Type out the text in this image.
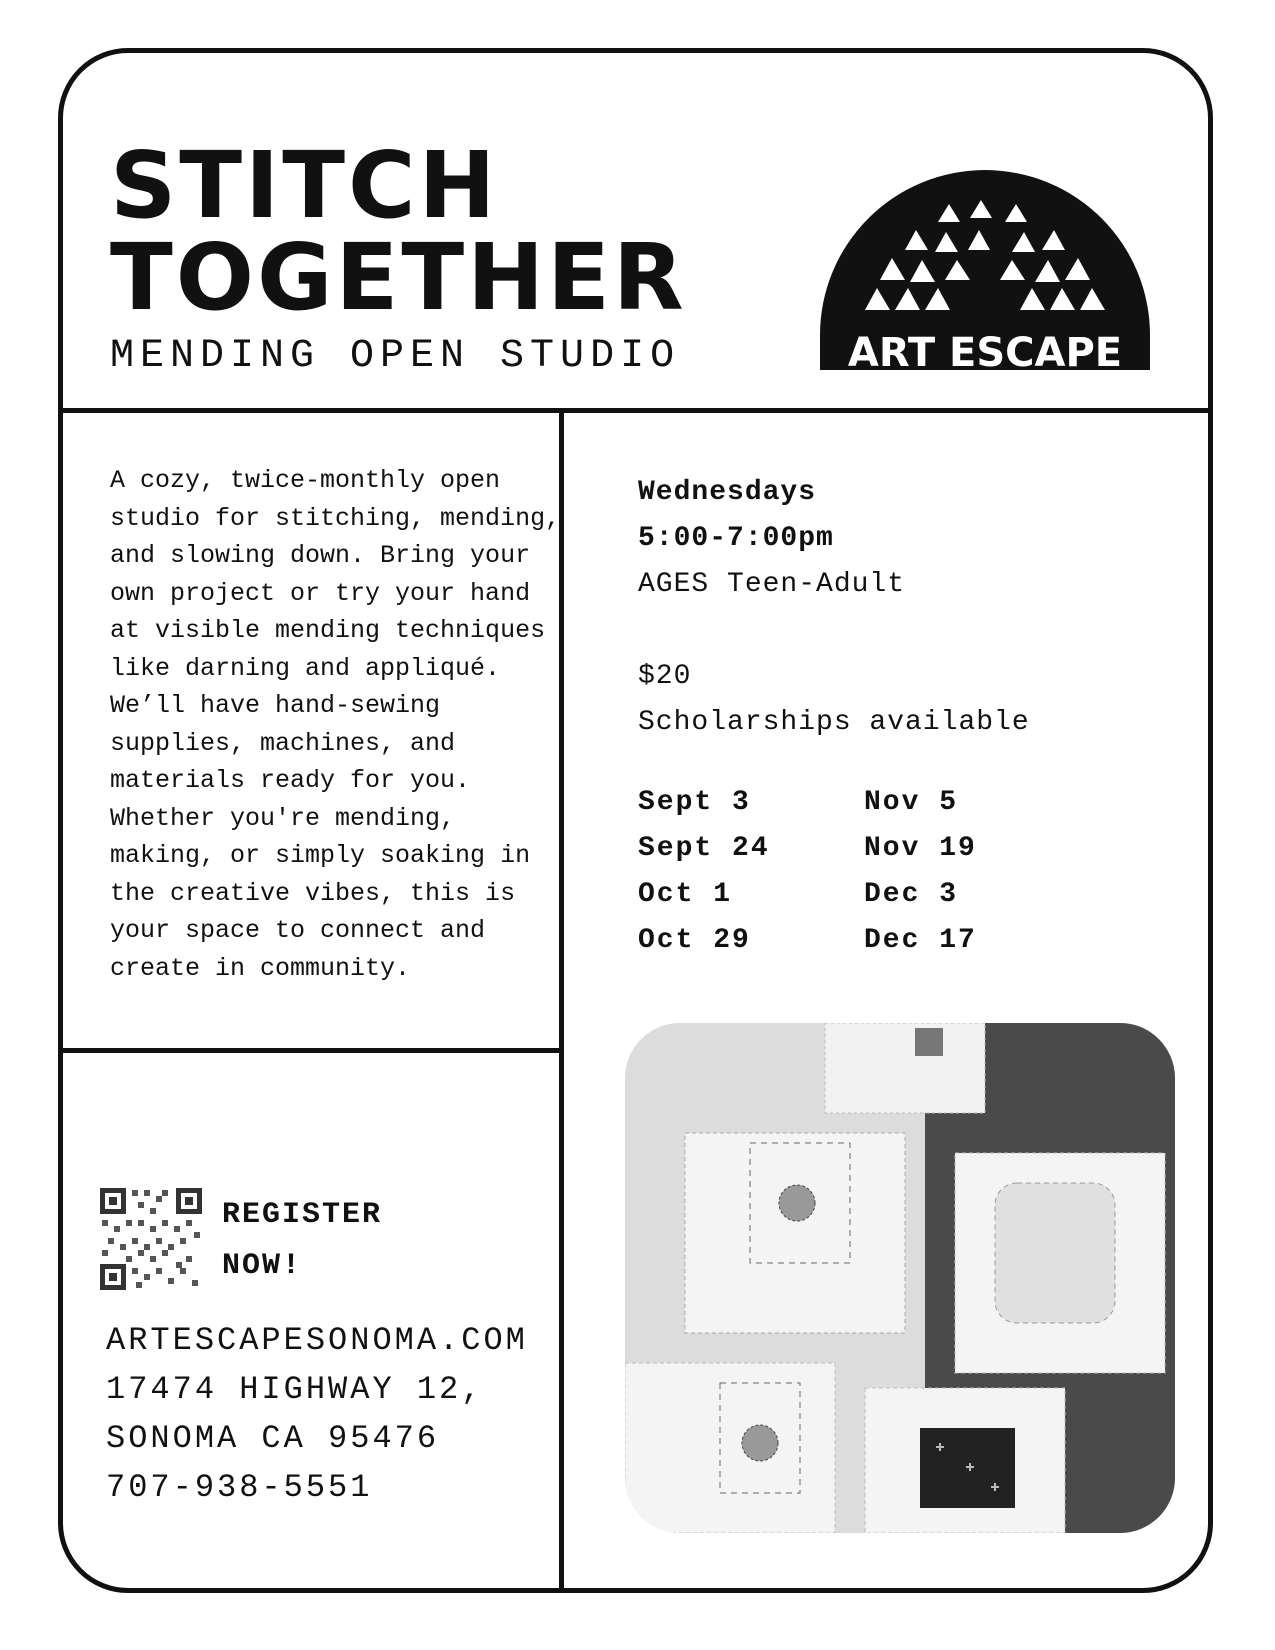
STITCH
TOGETHER
MENDING OPEN STUDIO	ART ESCAPE

A cozy, twice-monthly open studio for stitching, mending, and slowing down. Bring your own project or try your hand at visible mending techniques like darning and appliqué. We’ll have hand-sewing supplies, machines, and materials ready for you. Whether you're mending, making, or simply soaking in the creative vibes, this is your space to connect and create in community.

REGISTER
NOW!
ARTESCAPESONOMA.COM
17474 HIGHWAY 12,
SONOMA CA 95476
707-938-5551
Wednesdays
5:00-7:00pm
AGES Teen-Adult
$20
Scholarships available
Sept 3
Sept 24
Oct 1
Oct 29
Nov 5
Nov 19
Dec 3
Dec 17
